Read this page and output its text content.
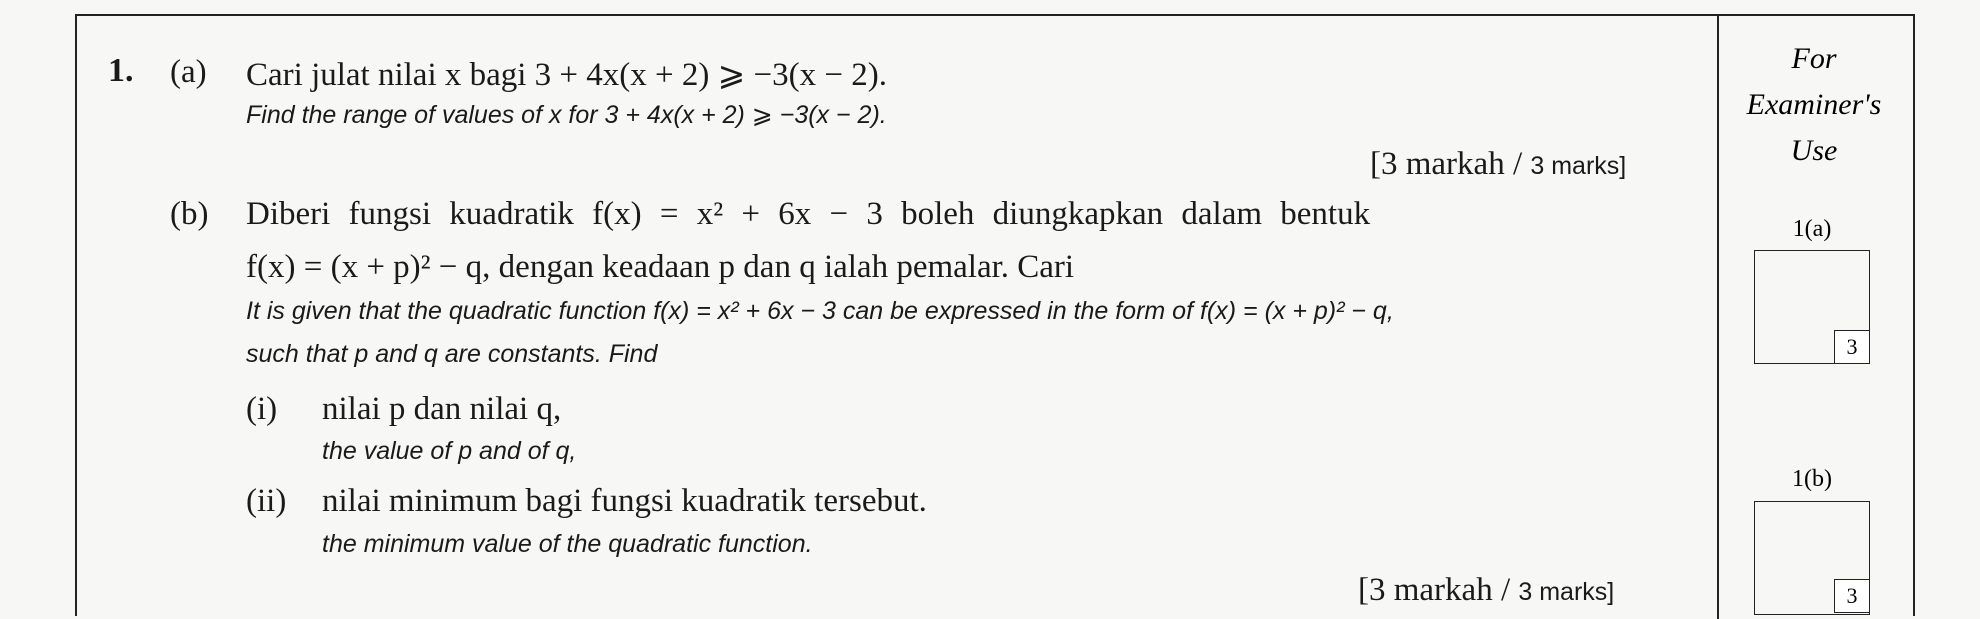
1. (a) Cari julat nilai x bagi 3 + 4x(x + 2) ⩾ −3(x − 2).
Find the range of values of x for 3 + 4x(x + 2) ⩾ −3(x − 2).
[3 markah / 3 marks]
(b) Diberi fungsi kuadratik f(x) = x² + 6x − 3 boleh diungkapkan dalam bentuk
f(x) = (x + p)² − q, dengan keadaan p dan q ialah pemalar. Cari
It is given that the quadratic function f(x) = x² + 6x − 3 can be expressed in the form of f(x) = (x + p)² − q,
such that p and q are constants. Find
(i) nilai p dan nilai q,
the value of p and of q,
(ii) nilai minimum bagi fungsi kuadratik tersebut.
the minimum value of the quadratic function.
[3 markah / 3 marks]
For
Examiner's
Use
1(a)
3
1(b)
3
